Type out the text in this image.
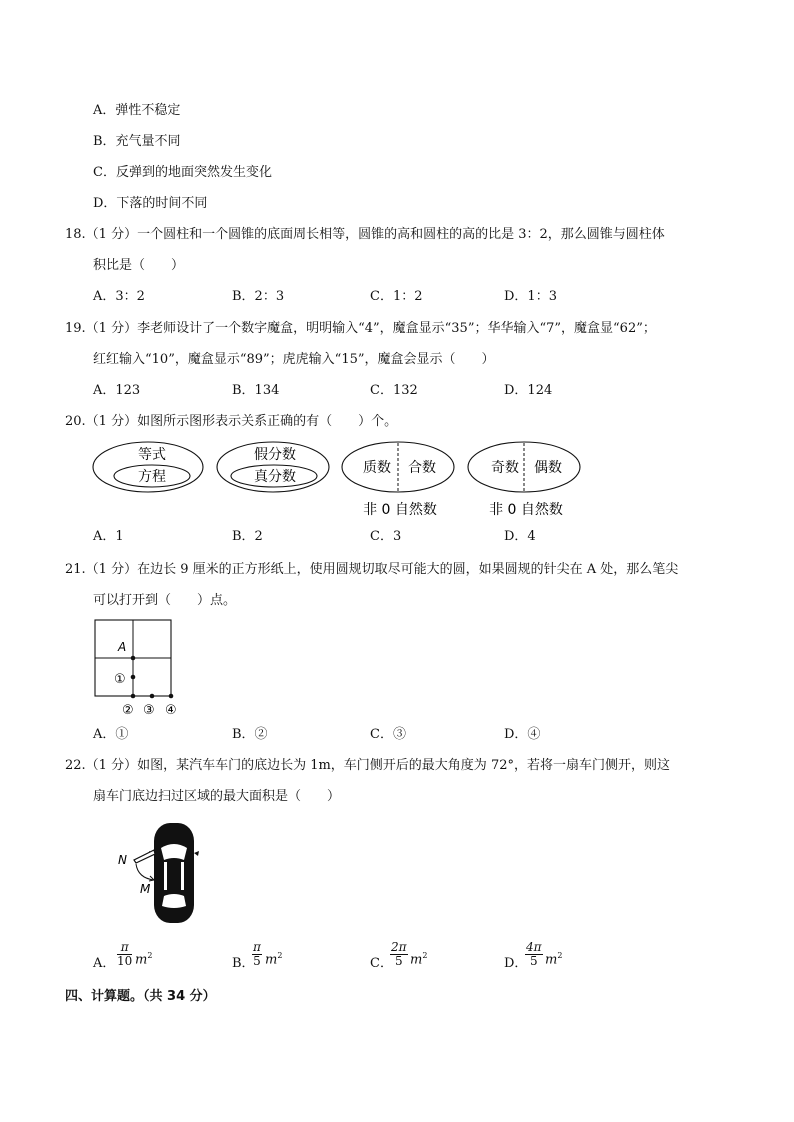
A．弹性不稳定
B．充气量不同
C．反弹到的地面突然发生变化
D．下落的时间不同
18.（1 分）一个圆柱和一个圆锥的底面周长相等，圆锥的高和圆柱的高的比是 3：2，那么圆锥与圆柱体
积比是（　　）
A．3：2	B．2：3	C．1：2	D．1：3
19.（1 分）李老师设计了一个数字魔盒，明明输入“4”，魔盒显示“35”；华华输入“7”，魔盒显“62”；
红红输入“10”，魔盒显示“89”；虎虎输入“15”，魔盒会显示（　　）
A．123	B．134	C．132	D．124
20.（1 分）如图所示图形表示关系正确的有（　　）个。
等式
方程
假分数
真分数
质数 合数
非 0 自然数
奇数 偶数
非 0 自然数
A．1	B．2	C．3	D．4
21.（1 分）在边长 9 厘米的正方形纸上，使用圆规切取尽可能大的圆，如果圆规的针尖在 A 处，那么笔尖
可以打开到（　　）点。
A
①
② ③ ④
A．①	B．②	C．③	D．④
22.（1 分）如图，某汽车车门的底边长为 1m，车门侧开后的最大角度为 72°，若将一扇车门侧开，则这
扇车门底边扫过区域的最大面积是（　　）
N
M
A． $\frac{\pi}{10} m^2$
B．
$\frac{\pi}{5} m^2$
C．
$\frac{2\pi}{5} m^2$
D．
$\frac{4\pi}{5} m^2$
四、计算题。（共 34 分）
